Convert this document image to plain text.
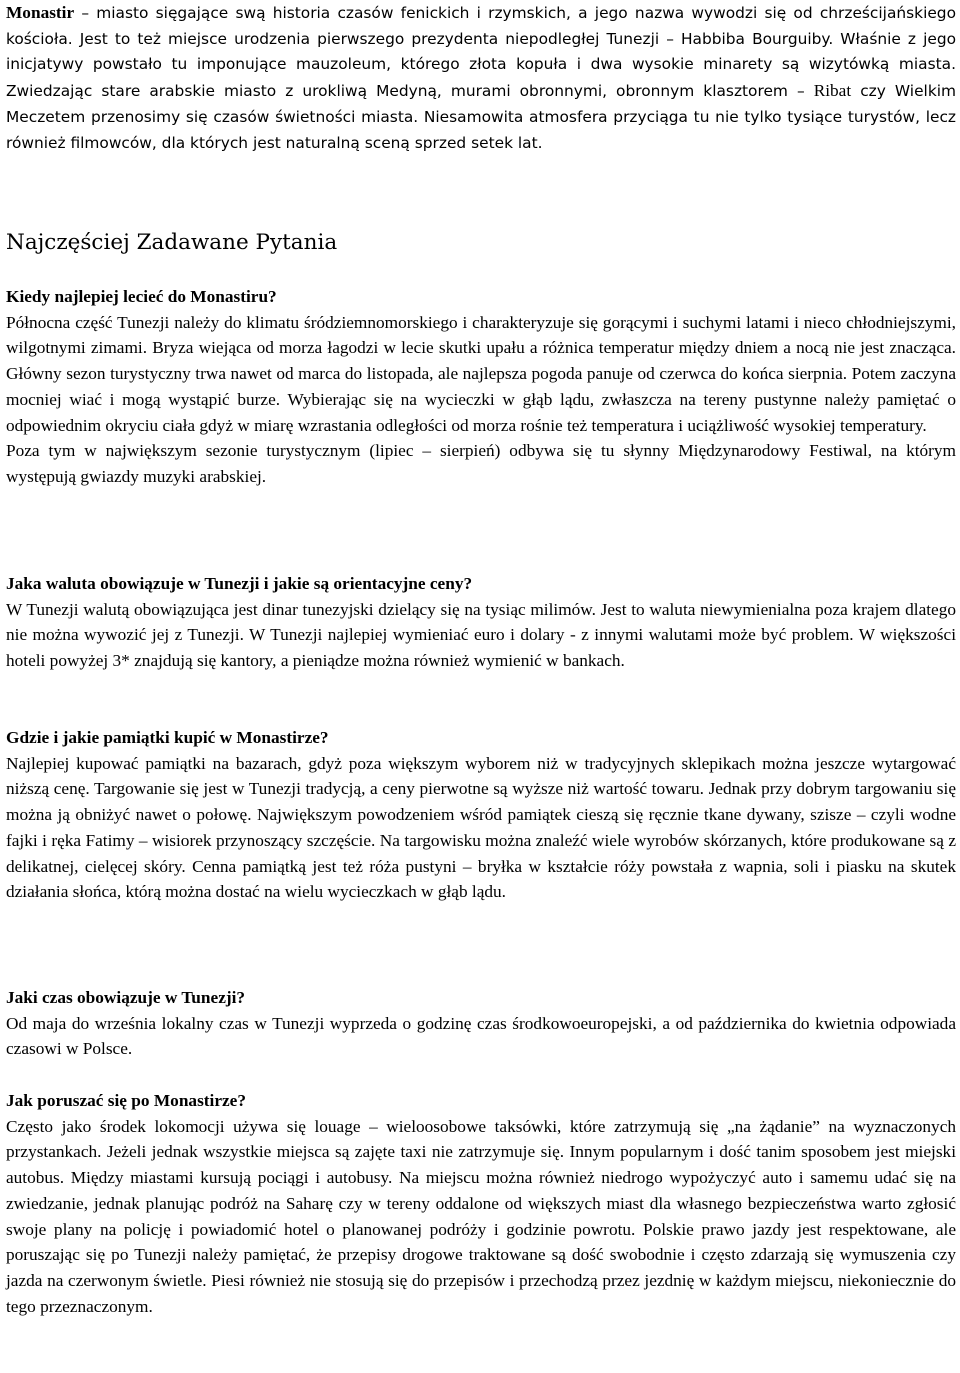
Monastir – miasto sięgające swą historia czasów fenickich i rzymskich, a jego nazwa wywodzi się od chrześcijańskiego kościoła. Jest to też miejsce urodzenia pierwszego prezydenta niepodległej Tunezji – Habbiba Bourguiby. Właśnie z jego inicjatywy powstało tu imponujące mauzoleum, którego złota kopuła i dwa wysokie minarety są wizytówką miasta. Zwiedzając stare arabskie miasto z urokliwą Medyną, murami obronnymi, obronnym klasztorem – Ribat czy Wielkim Meczetem przenosimy się czasów świetności miasta. Niesamowita atmosfera przyciąga tu nie tylko tysiące turystów, lecz również filmowców, dla których jest naturalną sceną sprzed setek lat.

Najczęściej Zadawane Pytania

Kiedy najlepiej lecieć do Monastiru?

Północna część Tunezji należy do klimatu śródziemnomorskiego i charakteryzuje się gorącymi i suchymi latami i nieco chłodniejszymi, wilgotnymi zimami. Bryza wiejąca od morza łagodzi w lecie skutki upału a różnica temperatur między dniem a nocą nie jest znacząca. Główny sezon turystyczny trwa nawet od marca do listopada, ale najlepsza pogoda panuje od czerwca do końca sierpnia. Potem zaczyna mocniej wiać i mogą wystąpić burze. Wybierając się na wycieczki w głąb lądu, zwłaszcza na tereny pustynne należy pamiętać o odpowiednim okryciu ciała gdyż w miarę wzrastania odległości od morza rośnie też temperatura i uciążliwość wysokiej temperatury.

Poza tym w największym sezonie turystycznym (lipiec – sierpień) odbywa się tu słynny Międzynarodowy Festiwal, na którym występują gwiazdy muzyki arabskiej.

Jaka waluta obowiązuje w Tunezji i jakie są orientacyjne ceny?

W Tunezji walutą obowiązująca jest dinar tunezyjski dzielący się na tysiąc milimów. Jest to waluta niewymienialna poza krajem dlatego nie można wywozić jej z Tunezji. W Tunezji najlepiej wymieniać euro i dolary - z innymi walutami może być problem. W większości hoteli powyżej 3* znajdują się kantory, a pieniądze można również wymienić w bankach.

Gdzie i jakie pamiątki kupić w Monastirze?

Najlepiej kupować pamiątki na bazarach, gdyż poza większym wyborem niż w tradycyjnych sklepikach można jeszcze wytargować niższą cenę. Targowanie się jest w Tunezji tradycją, a ceny pierwotne są wyższe niż wartość towaru. Jednak przy dobrym targowaniu się można ją obniżyć nawet o połowę. Największym powodzeniem wśród pamiątek cieszą się ręcznie tkane dywany, szisze – czyli wodne fajki i ręka Fatimy – wisiorek przynoszący szczęście. Na targowisku można znaleźć wiele wyrobów skórzanych, które produkowane są z delikatnej, cielęcej skóry. Cenna pamiątką jest też róża pustyni – bryłka w kształcie róży powstała z wapnia, soli i piasku na skutek działania słońca, którą można dostać na wielu wycieczkach w głąb lądu.

Jaki czas obowiązuje w Tunezji?

Od maja do września lokalny czas w Tunezji wyprzeda o godzinę czas środkowoeuropejski, a od października do kwietnia odpowiada czasowi w Polsce.

Jak poruszać się po Monastirze?

Często jako środek lokomocji używa się louage – wieloosobowe taksówki, które zatrzymują się „na żądanie” na wyznaczonych przystankach. Jeżeli jednak wszystkie miejsca są zajęte taxi nie zatrzymuje się. Innym popularnym i dość tanim sposobem jest miejski autobus. Między miastami kursują pociągi i autobusy. Na miejscu można również niedrogo wypożyczyć auto i samemu udać się na zwiedzanie, jednak planując podróż na Saharę czy w tereny oddalone od większych miast dla własnego bezpieczeństwa warto zgłosić swoje plany na policję i powiadomić hotel o planowanej podróży i godzinie powrotu. Polskie prawo jazdy jest respektowane, ale poruszając się po Tunezji należy pamiętać, że przepisy drogowe traktowane są dość swobodnie i często zdarzają się wymuszenia czy jazda na czerwonym świetle. Piesi również nie stosują się do przepisów i przechodzą przez jezdnię w każdym miejscu, niekoniecznie do tego przeznaczonym.
